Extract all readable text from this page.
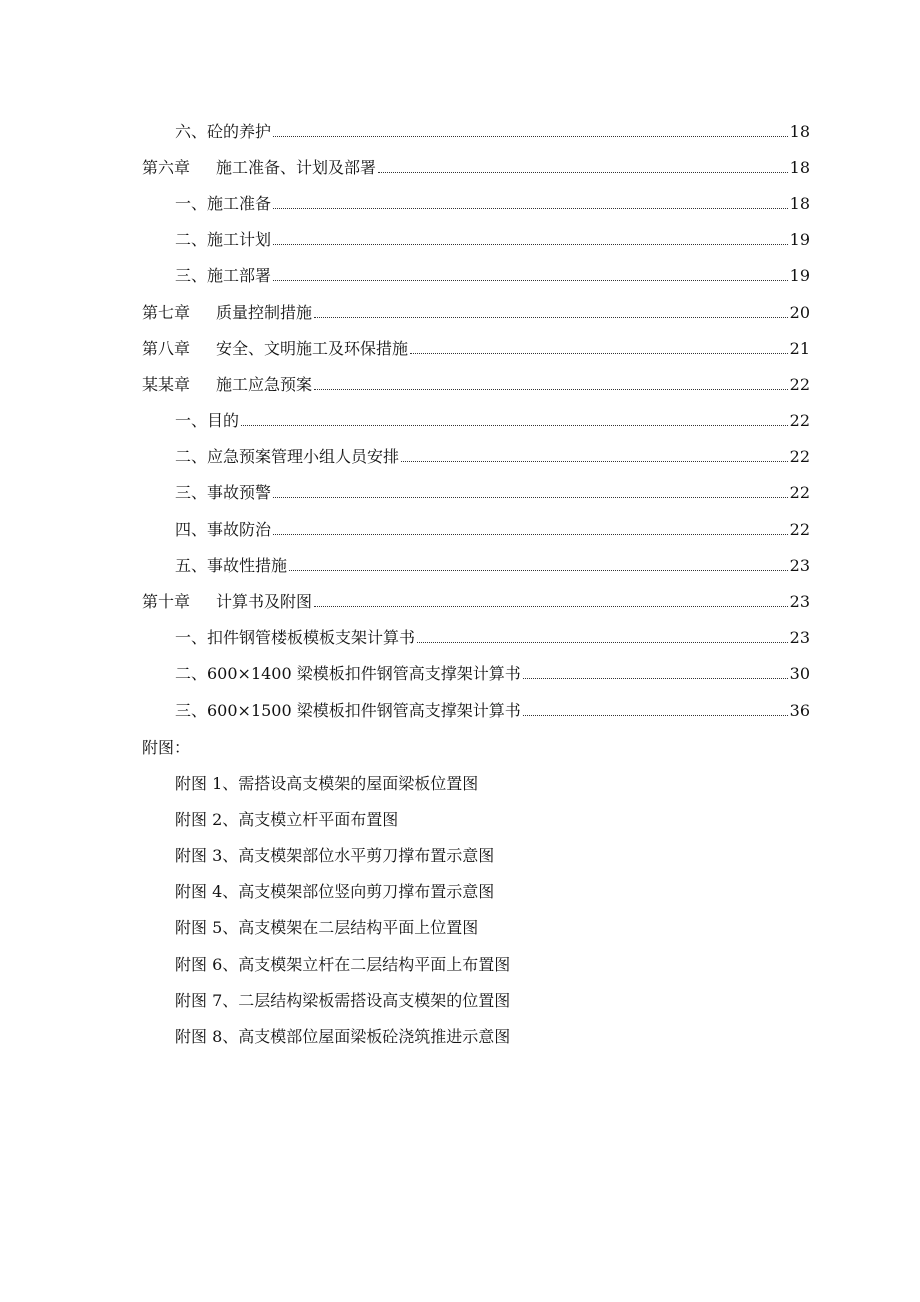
六、砼的养护	18
第六章	施工准备、计划及部署	18
一、施工准备	18
二、施工计划	19
三、施工部署	19
第七章	质量控制措施	20
第八章	安全、文明施工及环保措施	21
某某章	施工应急预案	22
一、目的	22
二、应急预案管理小组人员安排	22
三、事故预警	22
四、事故防治	22
五、事故性措施	23
第十章	计算书及附图	23
一、扣件钢管楼板模板支架计算书	23
二、600×1400 梁模板扣件钢管高支撑架计算书	30
三、600×1500 梁模板扣件钢管高支撑架计算书	36
附图：
附图 1、需搭设高支模架的屋面梁板位置图
附图 2、高支模立杆平面布置图
附图 3、高支模架部位水平剪刀撑布置示意图
附图 4、高支模架部位竖向剪刀撑布置示意图
附图 5、高支模架在二层结构平面上位置图
附图 6、高支模架立杆在二层结构平面上布置图
附图 7、二层结构梁板需搭设高支模架的位置图
附图 8、高支模部位屋面梁板砼浇筑推进示意图
